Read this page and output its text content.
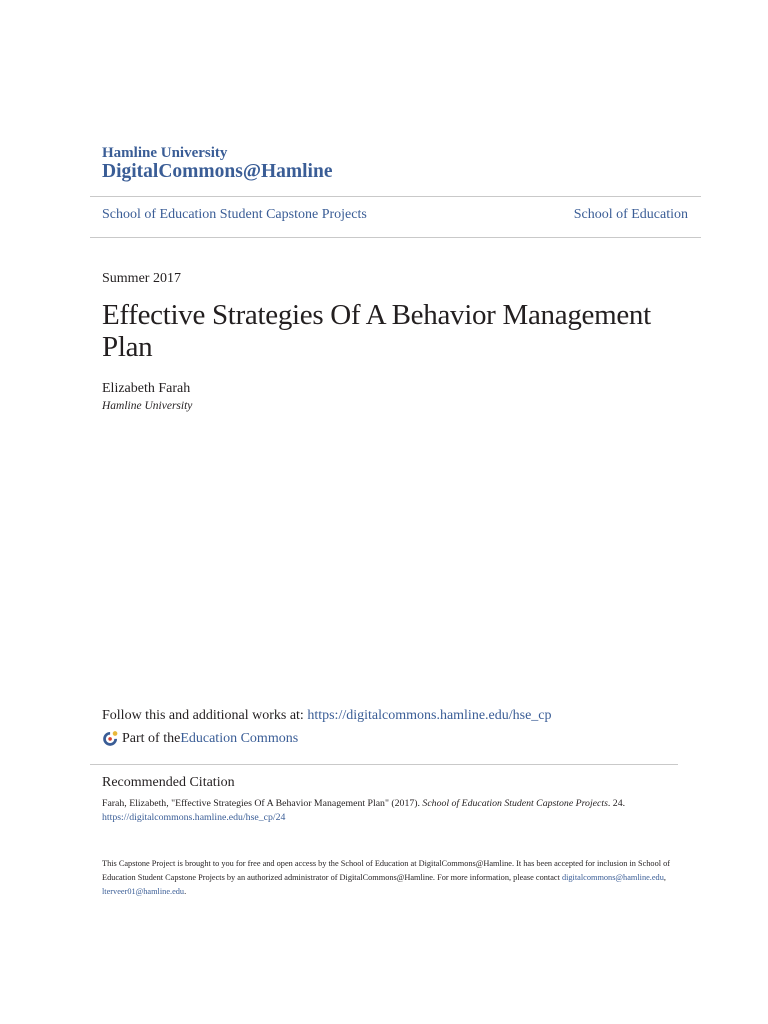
Hamline University
DigitalCommons@Hamline
School of Education Student Capstone Projects	School of Education
Summer 2017
Effective Strategies Of A Behavior Management Plan
Elizabeth Farah
Hamline University
Follow this and additional works at: https://digitalcommons.hamline.edu/hse_cp
Part of the Education Commons
Recommended Citation
Farah, Elizabeth, "Effective Strategies Of A Behavior Management Plan" (2017). School of Education Student Capstone Projects. 24.
https://digitalcommons.hamline.edu/hse_cp/24
This Capstone Project is brought to you for free and open access by the School of Education at DigitalCommons@Hamline. It has been accepted for inclusion in School of Education Student Capstone Projects by an authorized administrator of DigitalCommons@Hamline. For more information, please contact digitalcommons@hamline.edu, lterveer01@hamline.edu.
